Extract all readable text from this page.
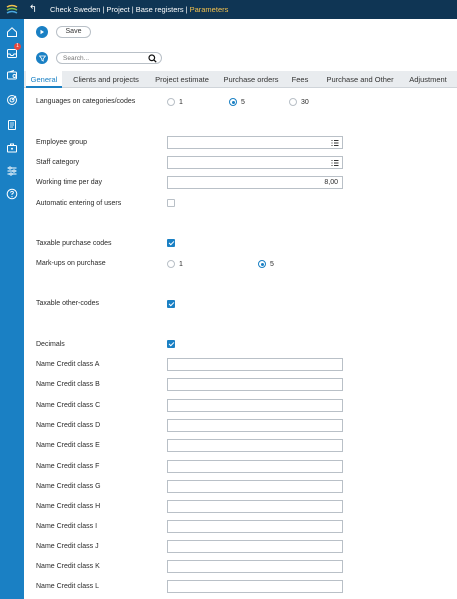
1
↰	Check Sweden | Project | Base registers | Parameters
Save
Search...
General	Clients and projects	Project estimate	Purchase orders	Fees	Purchase and Other	Adjustment
Languages on categories/codes	1	5	30
Employee group
Staff category
Working time per day	8,00
Automatic entering of users
Taxable purchase codes
Mark-ups on purchase	1	5
Taxable other-codes
Decimals
Name Credit class A
Name Credit class B
Name Credit class C
Name Credit class D
Name Credit class E
Name Credit class F
Name Credit class G
Name Credit class H
Name Credit class I
Name Credit class J
Name Credit class K
Name Credit class L
